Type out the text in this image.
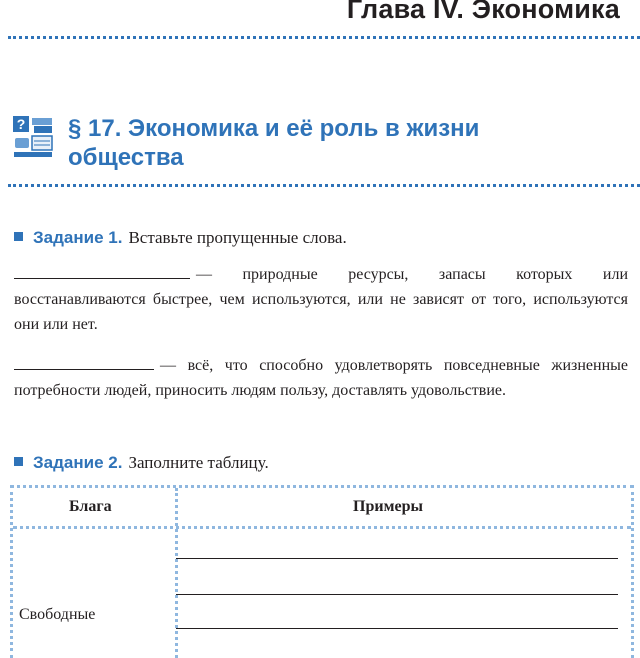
Глава IV. Экономика
? § 17. Экономика и её роль в жизни
общества
Задание 1. Вставьте пропущенные слова.

— природные ресурсы, запасы которых или восстанавливаются быстрее, чем используются, или не зависят от того, используются они или нет.

— всё, что способно удовлетворять повседневные жизненные потребности людей, приносить людям пользу, доставлять удовольствие.

Задание 2. Заполните таблицу.
Блага	Примеры
Свободные
